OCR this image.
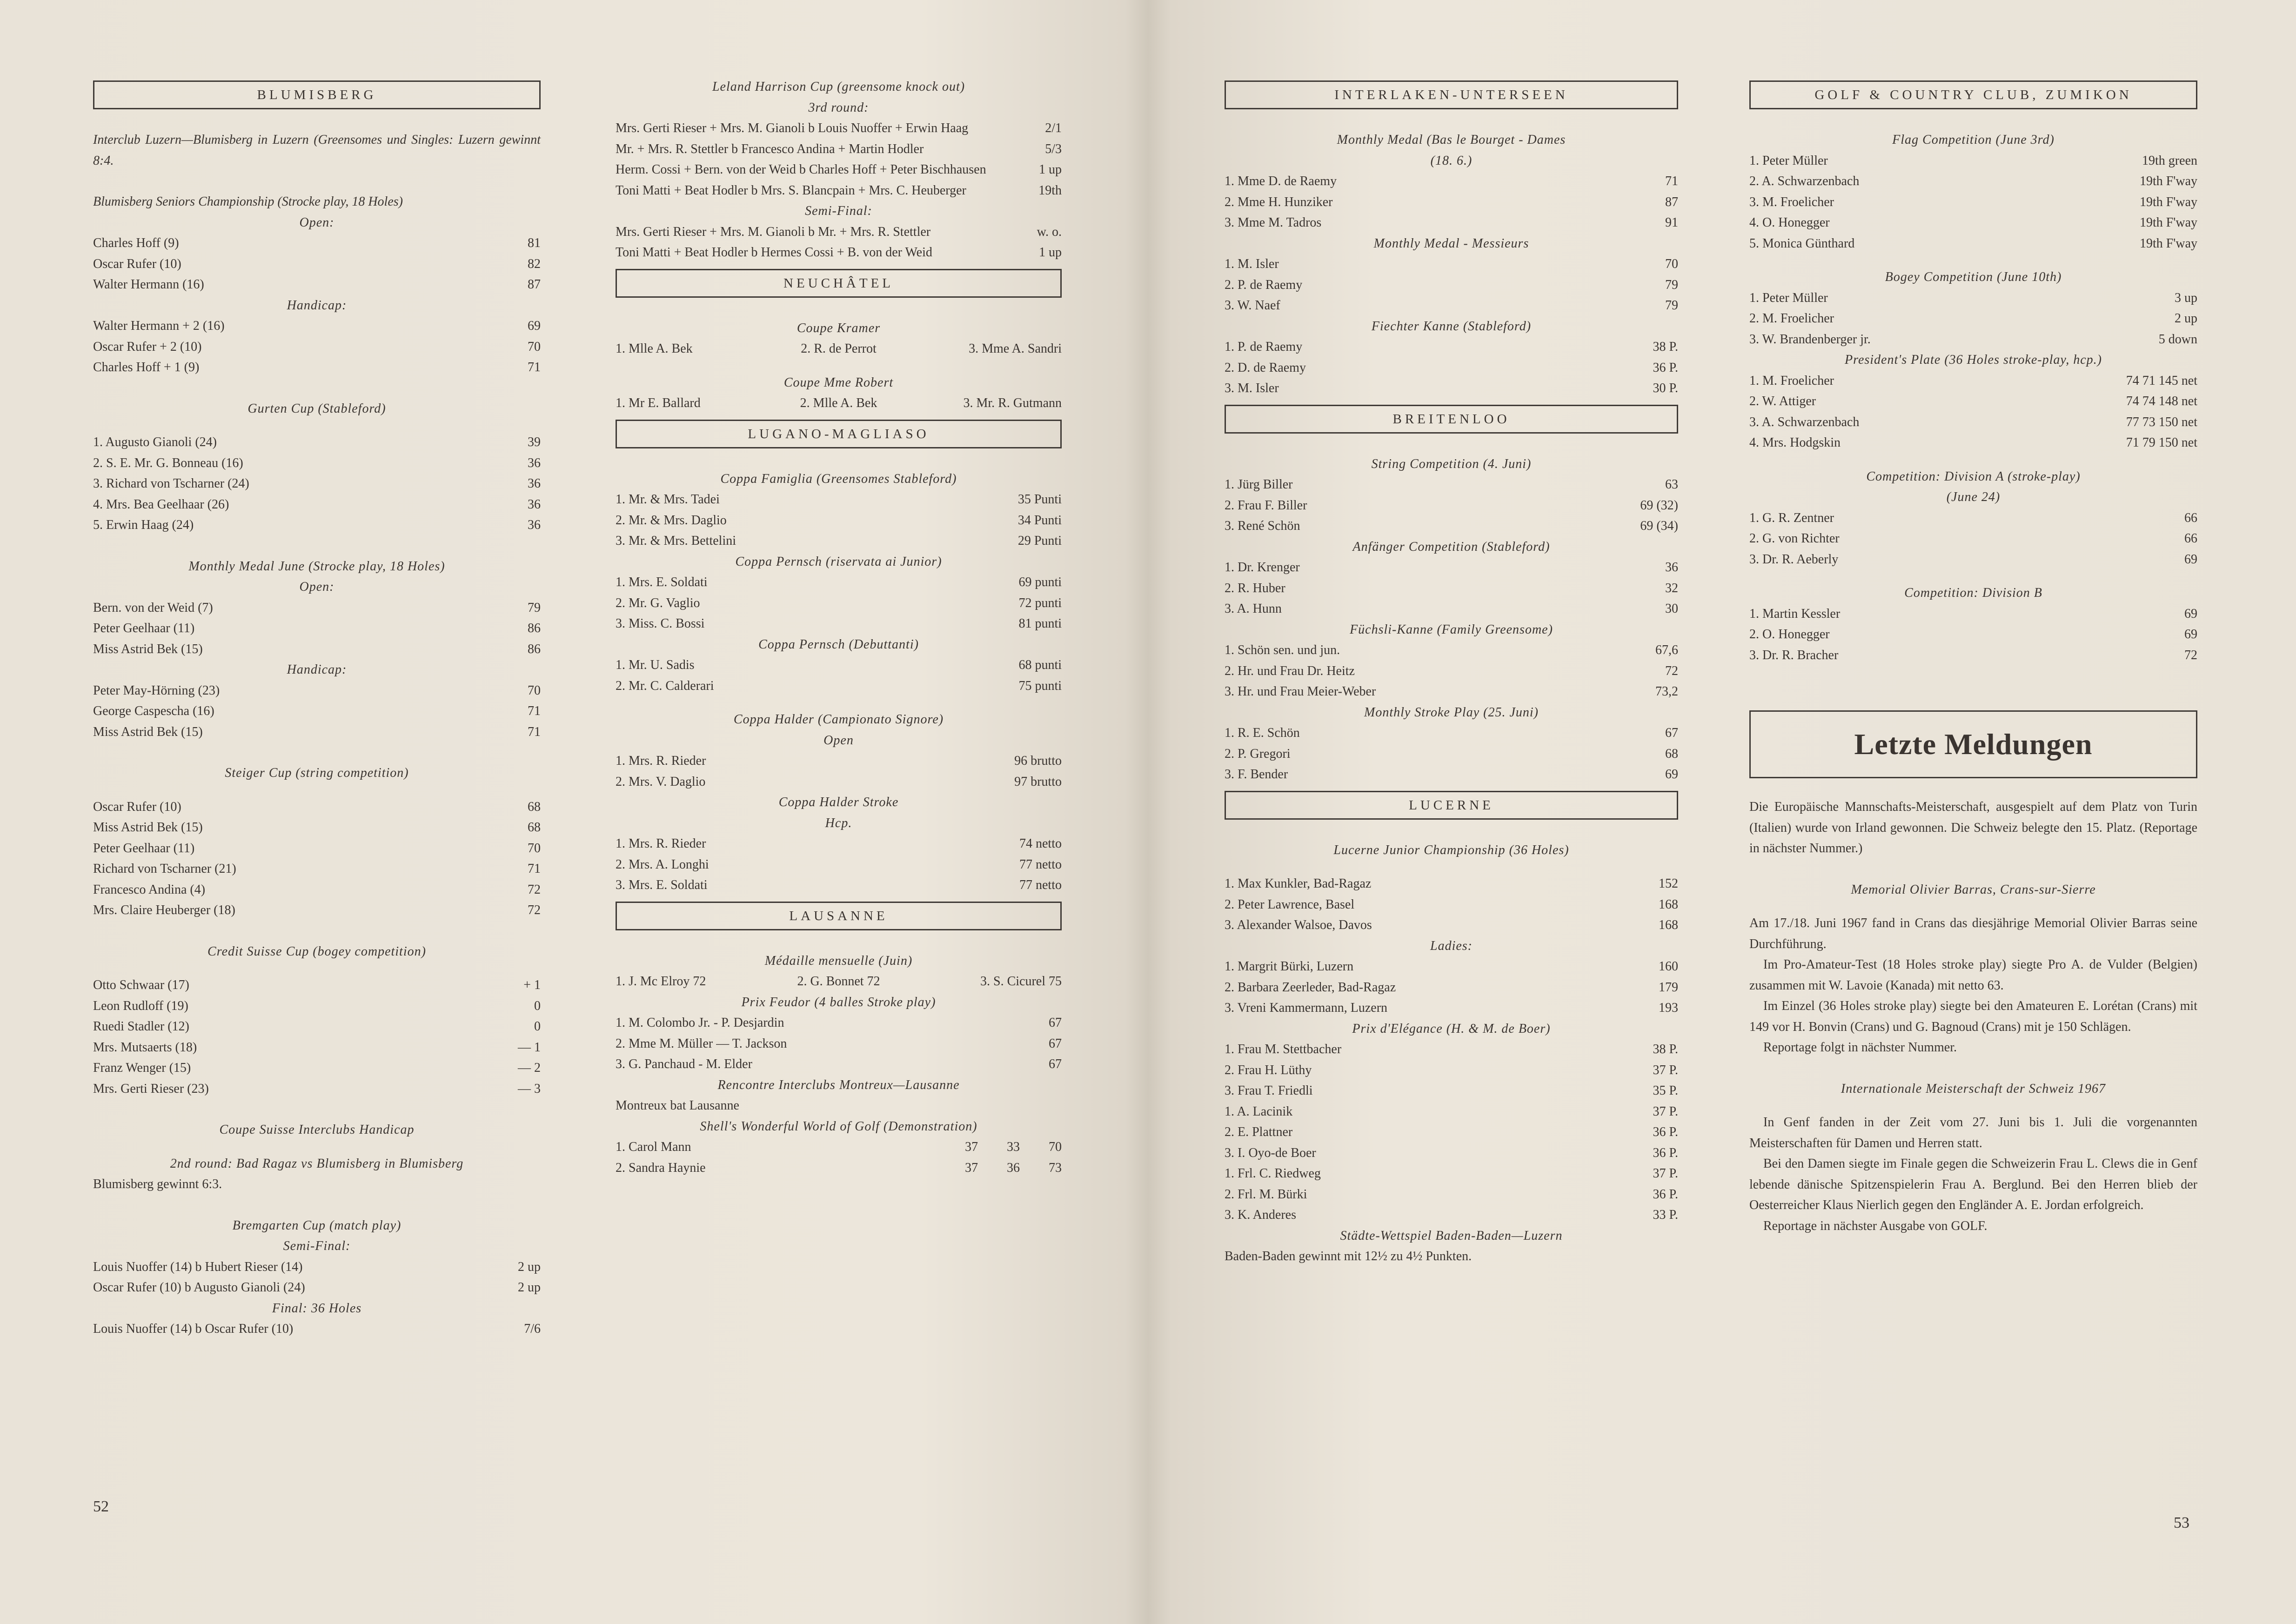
BLUMISBERG
Interclub Luzern—Blumisberg in Luzern (Greensomes und Singles: Luzern gewinnt 8:4.
Blumisberg Seniors Championship (Strocke play, 18 Holes)
Open:
Charles Hoff (9)	81
Oscar Rufer (10)	82
Walter Hermann (16)	87
Handicap:
Walter Hermann + 2 (16)	69
Oscar Rufer + 2 (10)	70
Charles Hoff + 1 (9)	71
Gurten Cup (Stableford)
1. Augusto Gianoli (24)	39
2. S. E. Mr. G. Bonneau (16)	36
3. Richard von Tscharner (24)	36
4. Mrs. Bea Geelhaar (26)	36
5. Erwin Haag (24)	36
Monthly Medal June (Strocke play, 18 Holes)
Open:
Bern. von der Weid (7)	79
Peter Geelhaar (11)	86
Miss Astrid Bek (15)	86
Handicap:
Peter May-Hörning (23)	70
George Caspescha (16)	71
Miss Astrid Bek (15)	71
Steiger Cup (string competition)
Oscar Rufer (10)	68
Miss Astrid Bek (15)	68
Peter Geelhaar (11)	70
Richard von Tscharner (21)	71
Francesco Andina (4)	72
Mrs. Claire Heuberger (18)	72
Credit Suisse Cup (bogey competition)
Otto Schwaar (17)	+ 1
Leon Rudloff (19)	0
Ruedi Stadler (12)	0
Mrs. Mutsaerts (18)	— 1
Franz Wenger (15)	— 2
Mrs. Gerti Rieser (23)	— 3
Coupe Suisse Interclubs Handicap
2nd round: Bad Ragaz vs Blumisberg in Blumisberg
Blumisberg gewinnt 6:3.
Bremgarten Cup (match play)
Semi-Final:
Louis Nuoffer (14) b Hubert Rieser (14)	2 up
Oscar Rufer (10) b Augusto Gianoli (24)	2 up
Final: 36 Holes
Louis Nuoffer (14) b Oscar Rufer (10)	7/6
Leland Harrison Cup (greensome knock out)
3rd round:
Mrs. Gerti Rieser + Mrs. M. Gianoli b Louis Nuoffer + Erwin Haag	2/1
Mr. + Mrs. R. Stettler b Francesco Andina + Martin Hodler	5/3
Herm. Cossi + Bern. von der Weid b Charles Hoff + Peter Bischhausen	1 up
Toni Matti + Beat Hodler b Mrs. S. Blancpain + Mrs. C. Heuberger	19th
Semi-Final:
Mrs. Gerti Rieser + Mrs. M. Gianoli b Mr. + Mrs. R. Stettler	w. o.
Toni Matti + Beat Hodler b Hermes Cossi + B. von der Weid	1 up
NEUCHÂTEL
Coupe Kramer
1. Mlle A. Bek	2. R. de Perrot	3. Mme A. Sandri
Coupe Mme Robert
1. Mr E. Ballard	2. Mlle A. Bek	3. Mr. R. Gutmann
LUGANO-MAGLIASO
Coppa Famiglia (Greensomes Stableford)
1. Mr. & Mrs. Tadei	35 Punti
2. Mr. & Mrs. Daglio	34 Punti
3. Mr. & Mrs. Bettelini	29 Punti
Coppa Pernsch (riservata ai Junior)
1. Mrs. E. Soldati	69 punti
2. Mr. G. Vaglio	72 punti
3. Miss. C. Bossi	81 punti
Coppa Pernsch (Debuttanti)
1. Mr. U. Sadis	68 punti
2. Mr. C. Calderari	75 punti
Coppa Halder (Campionato Signore)
Open
1. Mrs. R. Rieder	96 brutto
2. Mrs. V. Daglio	97 brutto
Coppa Halder Stroke
Hcp.
1. Mrs. R. Rieder	74 netto
2. Mrs. A. Longhi	77 netto
3. Mrs. E. Soldati	77 netto
LAUSANNE
Médaille mensuelle (Juin)
1. J. Mc Elroy 72	2. G. Bonnet 72	3. S. Cicurel 75
Prix Feudor (4 balles Stroke play)
1. M. Colombo Jr. - P. Desjardin	67
2. Mme M. Müller — T. Jackson	67
3. G. Panchaud - M. Elder	67
Rencontre Interclubs Montreux—Lausanne
Montreux bat Lausanne
Shell's Wonderful World of Golf (Demonstration)
1. Carol Mann	37	33	70
2. Sandra Haynie	37	36	73
INTERLAKEN-UNTERSEEN
Monthly Medal (Bas le Bourget - Dames
(18. 6.)
1. Mme D. de Raemy	71
2. Mme H. Hunziker	87
3. Mme M. Tadros	91
Monthly Medal - Messieurs
1. M. Isler	70
2. P. de Raemy	79
3. W. Naef	79
Fiechter Kanne (Stableford)
1. P. de Raemy	38 P.
2. D. de Raemy	36 P.
3. M. Isler	30 P.
BREITENLOO
String Competition (4. Juni)
1. Jürg Biller	63
2. Frau F. Biller	69 (32)
3. René Schön	69 (34)
Anfänger Competition (Stableford)
1. Dr. Krenger	36
2. R. Huber	32
3. A. Hunn	30
Füchsli-Kanne (Family Greensome)
1. Schön sen. und jun.	67,6
2. Hr. und Frau Dr. Heitz	72
3. Hr. und Frau Meier-Weber	73,2
Monthly Stroke Play (25. Juni)
1. R. E. Schön	67
2. P. Gregori	68
3. F. Bender	69
LUCERNE
Lucerne Junior Championship (36 Holes)
1. Max Kunkler, Bad-Ragaz	152
2. Peter Lawrence, Basel	168
3. Alexander Walsoe, Davos	168
Ladies:
1. Margrit Bürki, Luzern	160
2. Barbara Zeerleder, Bad-Ragaz	179
3. Vreni Kammermann, Luzern	193
Prix d'Elégance (H. & M. de Boer)
1. Frau M. Stettbacher	38 P.
2. Frau H. Lüthy	37 P.
3. Frau T. Friedli	35 P.
1. A. Lacinik	37 P.
2. E. Plattner	36 P.
3. I. Oyo-de Boer	36 P.
1. Frl. C. Riedweg	37 P.
2. Frl. M. Bürki	36 P.
3. K. Anderes	33 P.
Städte-Wettspiel Baden-Baden—Luzern
Baden-Baden gewinnt mit 12½ zu 4½ Punkten.
GOLF & COUNTRY CLUB, ZUMIKON
Flag Competition (June 3rd)
1. Peter Müller	19th green
2. A. Schwarzenbach	19th F'way
3. M. Froelicher	19th F'way
4. O. Honegger	19th F'way
5. Monica Günthard	19th F'way
Bogey Competition (June 10th)
1. Peter Müller	3 up
2. M. Froelicher	2 up
3. W. Brandenberger jr.	5 down
President's Plate (36 Holes stroke-play, hcp.)
1. M. Froelicher	74 71 145 net
2. W. Attiger	74 74 148 net
3. A. Schwarzenbach	77 73 150 net
4. Mrs. Hodgskin	71 79 150 net
Competition: Division A (stroke-play)
(June 24)
1. G. R. Zentner	66
2. G. von Richter	66
3. Dr. R. Aeberly	69
Competition: Division B
1. Martin Kessler	69
2. O. Honegger	69
3. Dr. R. Bracher	72
Letzte Meldungen
Die Europäische Mannschafts-Meisterschaft, ausgespielt auf dem Platz von Turin (Italien) wurde von Irland gewonnen. Die Schweiz belegte den 15. Platz. (Reportage in nächster Nummer.)
Memorial Olivier Barras, Crans-sur-Sierre
Am 17./18. Juni 1967 fand in Crans das diesjährige Memorial Olivier Barras seine Durchführung.
Im Pro-Amateur-Test (18 Holes stroke play) siegte Pro A. de Vulder (Belgien) zusammen mit W. Lavoie (Kanada) mit netto 63.
Im Einzel (36 Holes stroke play) siegte bei den Amateuren E. Lorétan (Crans) mit 149 vor H. Bonvin (Crans) und G. Bagnoud (Crans) mit je 150 Schlägen.
Reportage folgt in nächster Nummer.
Internationale Meisterschaft der Schweiz 1967
In Genf fanden in der Zeit vom 27. Juni bis 1. Juli die vorgenannten Meisterschaften für Damen und Herren statt.
Bei den Damen siegte im Finale gegen die Schweizerin Frau L. Clews die in Genf lebende dänische Spitzenspielerin Frau A. Berglund. Bei den Herren blieb der Oesterreicher Klaus Nierlich gegen den Engländer A. E. Jordan erfolgreich.
Reportage in nächster Ausgabe von GOLF.
52
53
